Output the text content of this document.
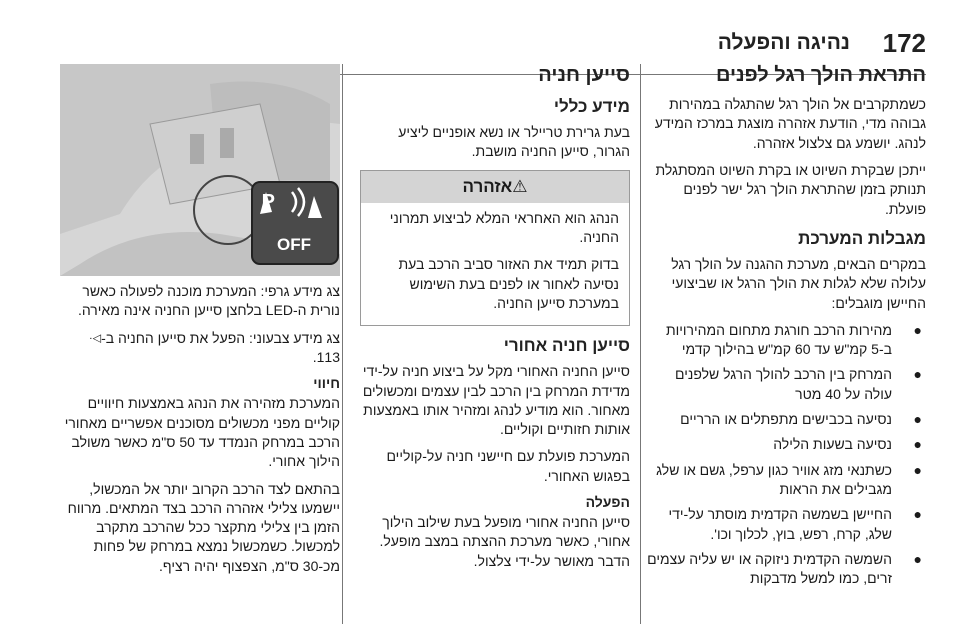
נהיגה והפעלה 172
התראת הולך רגל לפנים

כשמתקרבים אל הולך רגל שהתגלה במהירות גבוהה מדי, הודעת אזהרה מוצגת במרכז המידע לנהג. יושמע גם צלצול אזהרה.

ייתכן שבקרת השיוט או בקרת השיוט המסתגלת תנותק בזמן שהתראת הולך רגל ישר לפנים פועלת.

מגבלות המערכת

במקרים הבאים, מערכת ההגנה על הולך רגל עלולה שלא לגלות את הולך הרגל או שביצועי החיישן מוגבלים:

●
מהירות הרכב חורגת מתחום המהירויות ב-5 קמ"ש עד 60 קמ"ש בהילוך קדמי
●
המרחק בין הרכב להולך הרגל שלפנים עולה על 40 מטר
●
נסיעה בכבישים מתפתלים או הרריים
●
נסיעה בשעות הלילה
●
כשתנאי מזג אוויר כגון ערפל, גשם או שלג מגבילים את הראות
●
החיישן בשמשה הקדמית מוסתר על-ידי שלג, קרח, רפש, בוץ, לכלוך וכו'.
●
השמשה הקדמית ניזוקה או יש עליה עצמים זרים, כמו למשל מדבקות
סייען חניה
מידע כללי

בעת גרירת טריילר או נשא אופניים ליציע הגרור, סייען החניה מושבת.

⚠אזהרה

הנהג הוא האחראי המלא לביצוע תמרוני החניה.

בדוק תמיד את האזור סביב הרכב בעת נסיעה לאחור או לפנים בעת השימוש במערכת סייען החניה.

סייען חניה אחורי

סייען החניה האחורי מקל על ביצוע חניה על-ידי מדידת המרחק בין הרכב לבין עצמים ומכשולים מאחור. הוא מודיע לנהג ומזהיר אותו באמצעות אותות חזותיים וקוליים.

המערכת פועלת עם חיישני חניה על-קוליים בפגוש האחורי.

הפעלה

סייען החניה אחורי מופעל בעת שילוב הילוך אחורי, כאשר מערכת ההצתה במצב מופעל. הדבר מאושר על-ידי צלצול.

P
OFF

צג מידע גרפי: המערכת מוכנה לפעולה כאשר נורית ה-LED בלחצן סייען החניה אינה מאירה.

צג מידע צבעוני: הפעל את סייען החניה ב-◁· 113.

חיווי

המערכת מזהירה את הנהג באמצעות חיוויים קוליים מפני מכשולים מסוכנים אפשריים מאחורי הרכב במרחק הנמדד עד 50 ס"מ כאשר משולב הילוך אחורי.

בהתאם לצד הרכב הקרוב יותר אל המכשול, יישמעו צלילי אזהרה הרכב בצד המתאים. מרווח הזמן בין צלילי מתקצר ככל שהרכב מתקרב למכשול. כשמכשול נמצא במרחק של פחות מכ-30 ס"מ, הצפצוף יהיה רציף.
